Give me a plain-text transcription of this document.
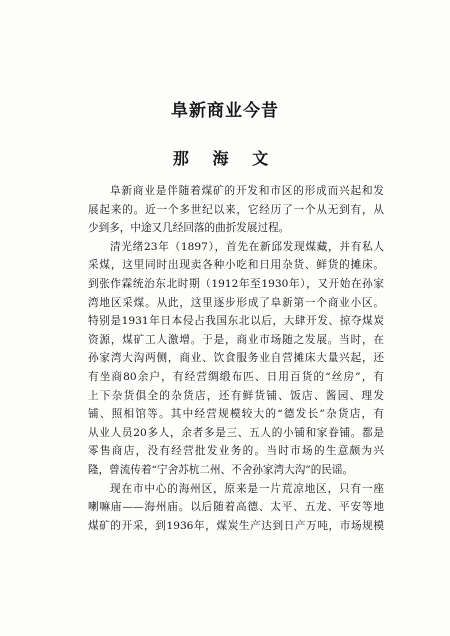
阜新商业今昔
那 海 文
阜新商业是伴随着煤矿的开发和市区的形成而兴起和发
展起来的。近一个多世纪以来，它经历了一个从无到有，从
少到多，中途又几经回落的曲折发展过程。
清光绪23年（1897），首先在新邱发现煤藏，并有私人
采煤，这里同时出现卖各种小吃和日用杂货、鲜货的摊床。
到张作霖统治东北时期（1912年至1930年），又开始在孙家
湾地区采煤。从此，这里逐步形成了阜新第一个商业小区。
特别是1931年日本侵占我国东北以后，大肆开发、掠夺煤炭
资源，煤矿工人激增。于是，商业市场随之发展。当时，在
孙家湾大沟两侧，商业、饮食服务业自营摊床大量兴起，还
有坐商80余户，有经营绸缎布匹、日用百货的“丝房”，有
上下杂货俱全的杂货店，还有鲜货铺、饭店、酱园、理发
铺、照相馆等。其中经营规模较大的“德发长”杂货店，有
从业人员20多人，余者多是三、五人的小铺和家眷铺。都是
零售商店，没有经营批发业务的。当时市场的生意颇为兴
隆，曾流传着“宁舍苏杭二州、不舍孙家湾大沟”的民谣。
现在市中心的海州区，原来是一片荒凉地区，只有一座
喇嘛庙——海州庙。以后随着高德、太平、五龙、平安等地
煤矿的开采，到1936年，煤炭生产达到日产万吨，市场规模
